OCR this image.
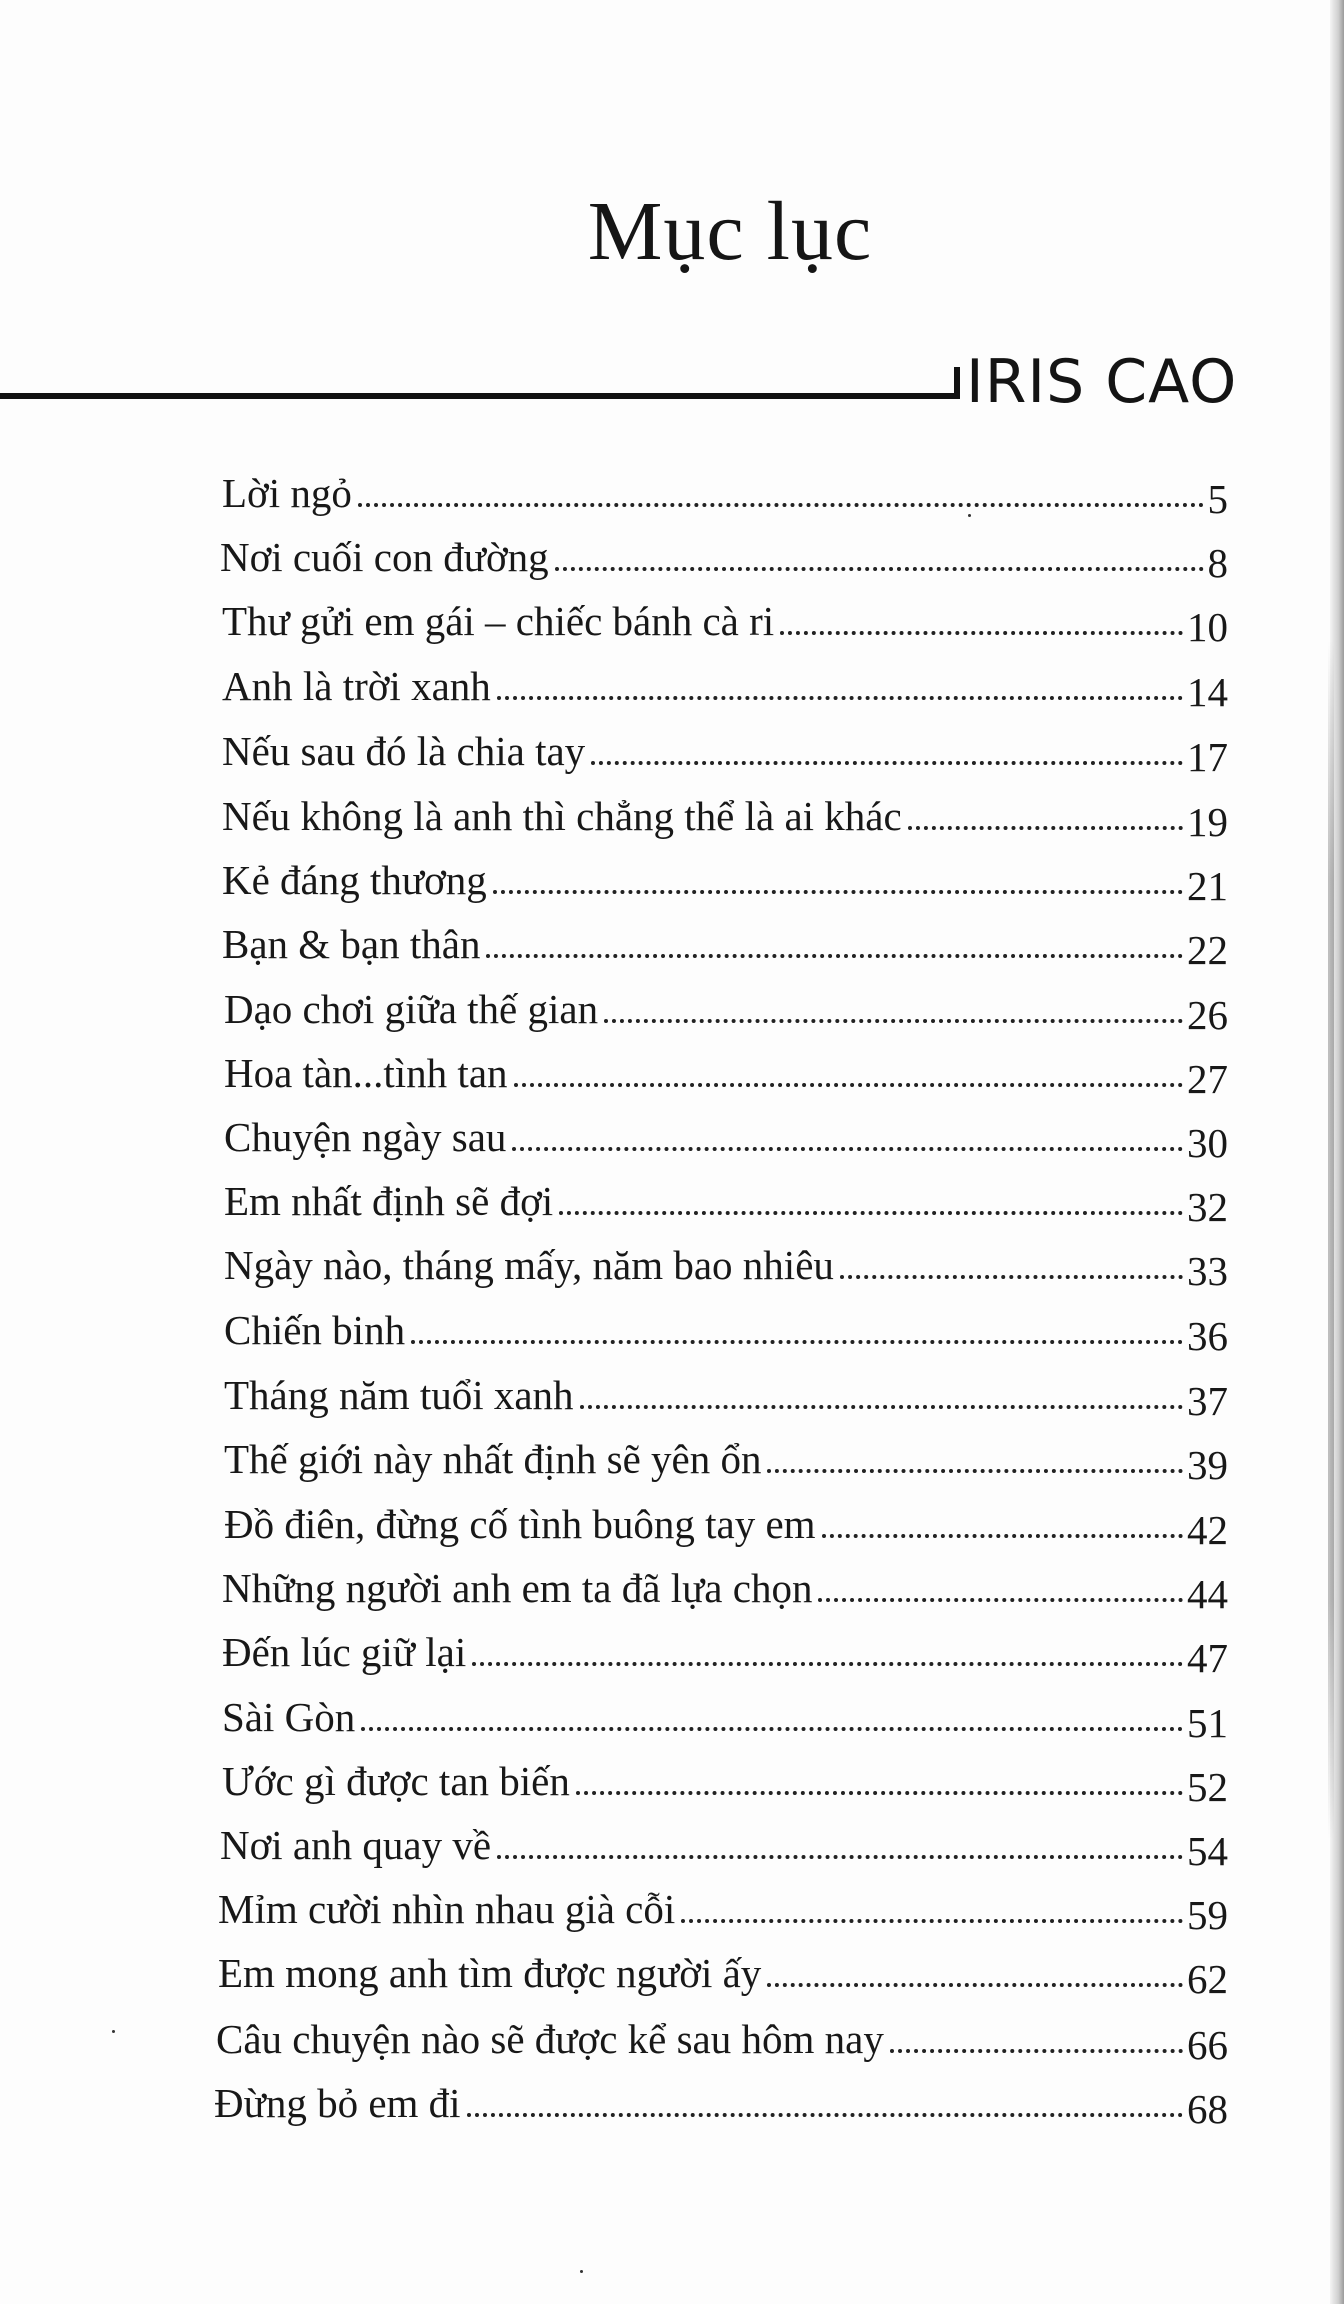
Mục lục
IRIS CAO
Lời ngỏ	5
Nơi cuối con đường	8
Thư gửi em gái – chiếc bánh cà ri	10
Anh là trời xanh	14
Nếu sau đó là chia tay	17
Nếu không là anh thì chẳng thể là ai khác	19
Kẻ đáng thương	21
Bạn & bạn thân	22
Dạo chơi giữa thế gian	26
Hoa tàn...tình tan	27
Chuyện ngày sau	30
Em nhất định sẽ đợi	32
Ngày nào, tháng mấy, năm bao nhiêu	33
Chiến binh	36
Tháng năm tuổi xanh	37
Thế giới này nhất định sẽ yên ổn	39
Đồ điên, đừng cố tình buông tay em	42
Những người anh em ta đã lựa chọn	44
Đến lúc giữ lại	47
Sài Gòn	51
Ước gì được tan biến	52
Nơi anh quay về	54
Mỉm cười nhìn nhau già cỗi	59
Em mong anh tìm được người ấy	62
Câu chuyện nào sẽ được kể sau hôm nay	66
Đừng bỏ em đi	68
